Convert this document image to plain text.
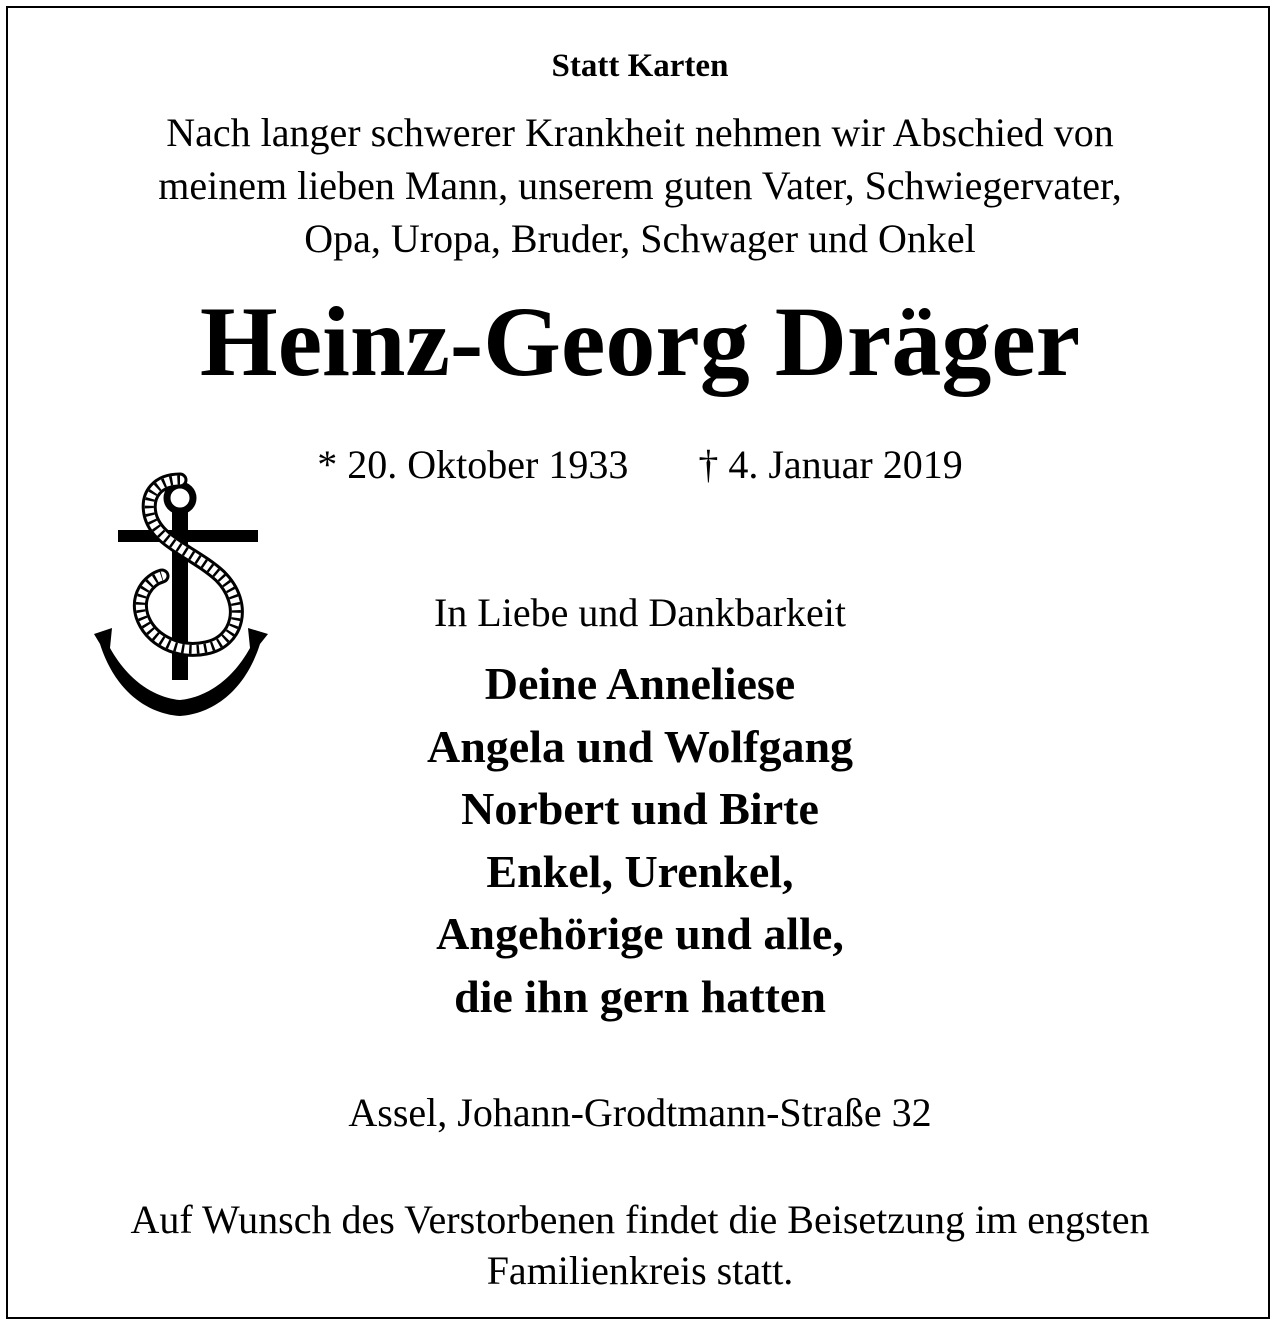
Statt Karten
Nach langer schwerer Krankheit nehmen wir Abschied von
meinem lieben Mann, unserem guten Vater, Schwiegervater,
Opa, Uropa, Bruder, Schwager und Onkel
Heinz-Georg Dräger
* 20. Oktober 1933 † 4. Januar 2019
In Liebe und Dankbarkeit
Deine Anneliese
Angela und Wolfgang
Norbert und Birte
Enkel, Urenkel,
Angehörige und alle,
die ihn gern hatten
Assel, Johann-Grodtmann-Straße 32
Auf Wunsch des Verstorbenen findet die Beisetzung im engsten
Familienkreis statt.
